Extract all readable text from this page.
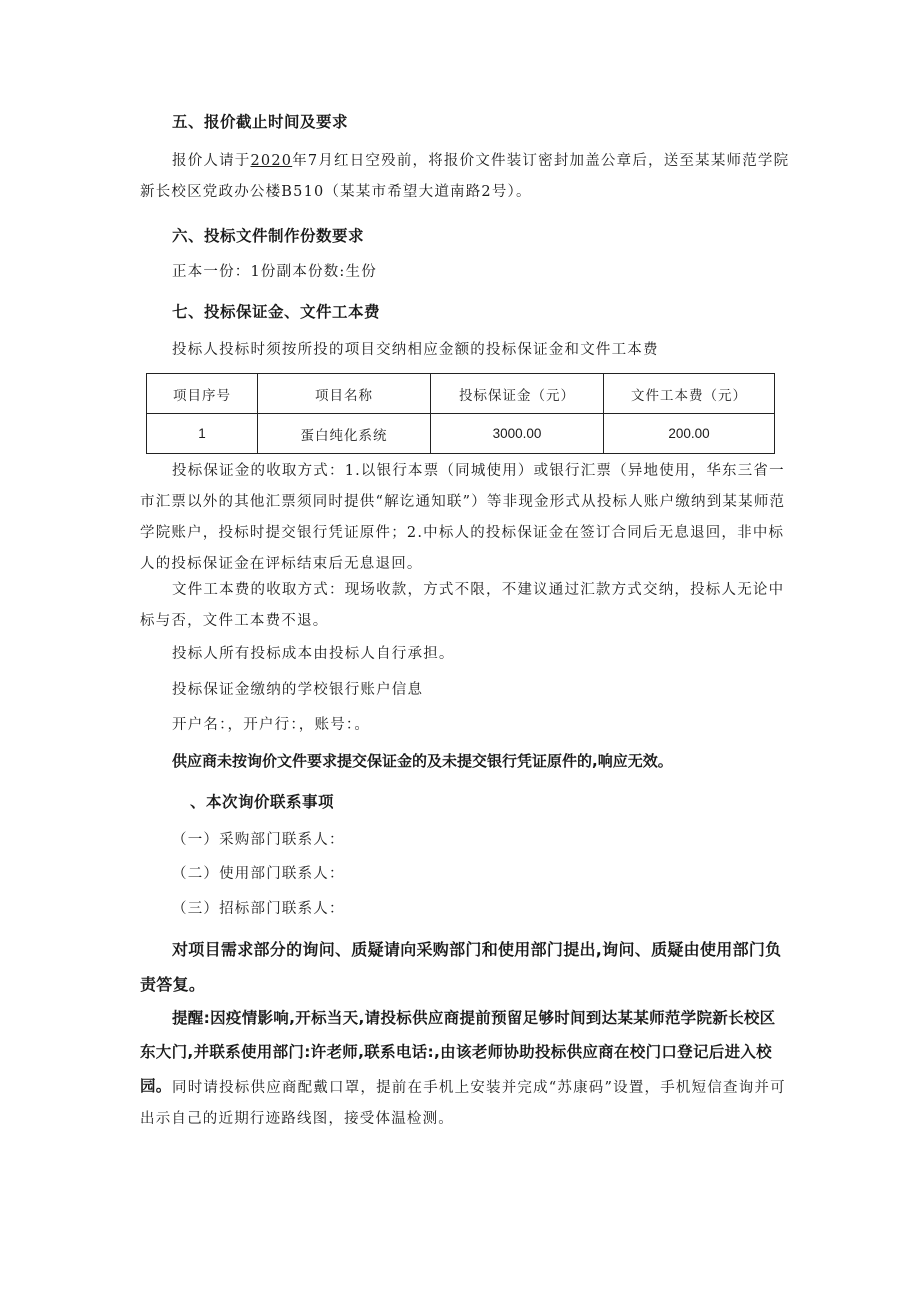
五、报价截止时间及要求

报价人请于2020年7月红日空殁前，将报价文件装订密封加盖公章后，送至某某师范学院新长校区党政办公楼B510（某某市希望大道南路2号）。

六、投标文件制作份数要求
正本一份：1份副本份数:生份
七、投标保证金、文件工本费
投标人投标时须按所投的项目交纳相应金额的投标保证金和文件工本费
项目序号	项目名称	投标保证金（元）	文件工本费（元）
1	蛋白纯化系统	3000.00	200.00

投标保证金的收取方式：1.以银行本票（同城使用）或银行汇票（异地使用，华东三省一市汇票以外的其他汇票须同时提供“解讫通知联”）等非现金形式从投标人账户缴纳到某某师范学院账户，投标时提交银行凭证原件；2.中标人的投标保证金在签订合同后无息退回，非中标人的投标保证金在评标结束后无息退回。

文件工本费的收取方式：现场收款，方式不限，不建议通过汇款方式交纳，投标人无论中标与否，文件工本费不退。

投标人所有投标成本由投标人自行承担。
投标保证金缴纳的学校银行账户信息
开户名：，开户行：，账号：。
供应商未按询价文件要求提交保证金的及未提交银行凭证原件的,响应无效。
、本次询价联系事项
（一）采购部门联系人：
（二）使用部门联系人：
（三）招标部门联系人：

对项目需求部分的询问、质疑请向采购部门和使用部门提出,询问、质疑由使用部门负责答复。

提醒:因疫情影响,开标当天,请投标供应商提前预留足够时间到达某某师范学院新长校区东大门,并联系使用部门:许老师,联系电话:,由该老师协助投标供应商在校门口登记后进入校园。 同时请投标供应商配戴口罩，提前在手机上安装并完成“苏康码”设置，手机短信查询并可出示自己的近期行迹路线图，接受体温检测。
